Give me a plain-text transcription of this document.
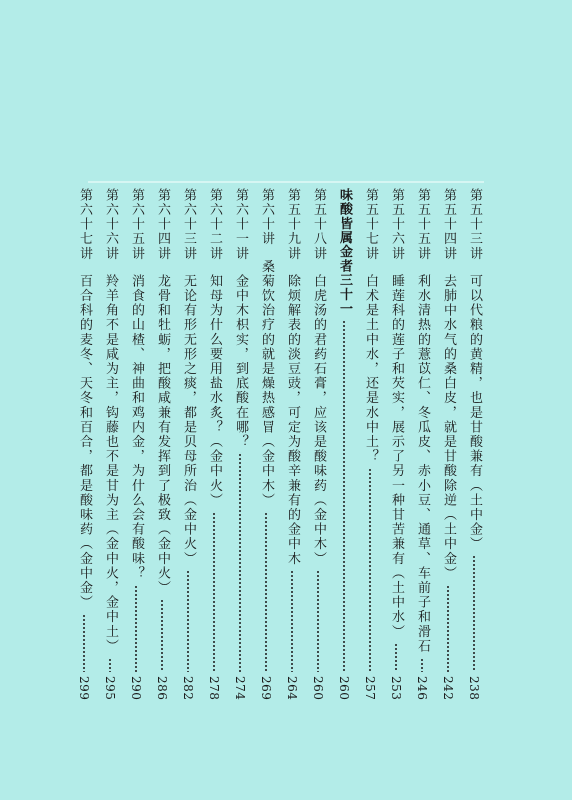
第五十三讲可以代粮的黄精，也是甘酸兼有（土中金）
238
第五十四讲去肺中水气的桑白皮，就是甘酸除逆（土中金）
242
第五十五讲利水清热的薏苡仁、冬瓜皮、赤小豆、通草、车前子和滑石
246
第五十六讲睡莲科的莲子和芡实，展示了另一种甘苦兼有（土中水）
253
第五十七讲白术是土中水，还是水中土？
257
味酸皆属金者三十一
260
第五十八讲白虎汤的君药石膏，应该是酸味药（金中木）
260
第五十九讲除烦解表的淡豆豉，可定为酸辛兼有的金中木
264
第六十讲桑菊饮治疗的就是燥热感冒（金中木）
269
第六十一讲金中木枳实，到底酸在哪？
274
第六十二讲知母为什么要用盐水炙？（金中火）
278
第六十三讲无论有形无形之痰，都是贝母所治（金中火）
282
第六十四讲龙骨和牡蛎，把酸咸兼有发挥到了极致（金中火）
286
第六十五讲消食的山楂、神曲和鸡内金，为什么会有酸味？
290
第六十六讲羚羊角不是咸为主，钩藤也不是甘为主（金中火，金中土）
295
第六十七讲百合科的麦冬、天冬和百合，都是酸味药（金中金）
299
